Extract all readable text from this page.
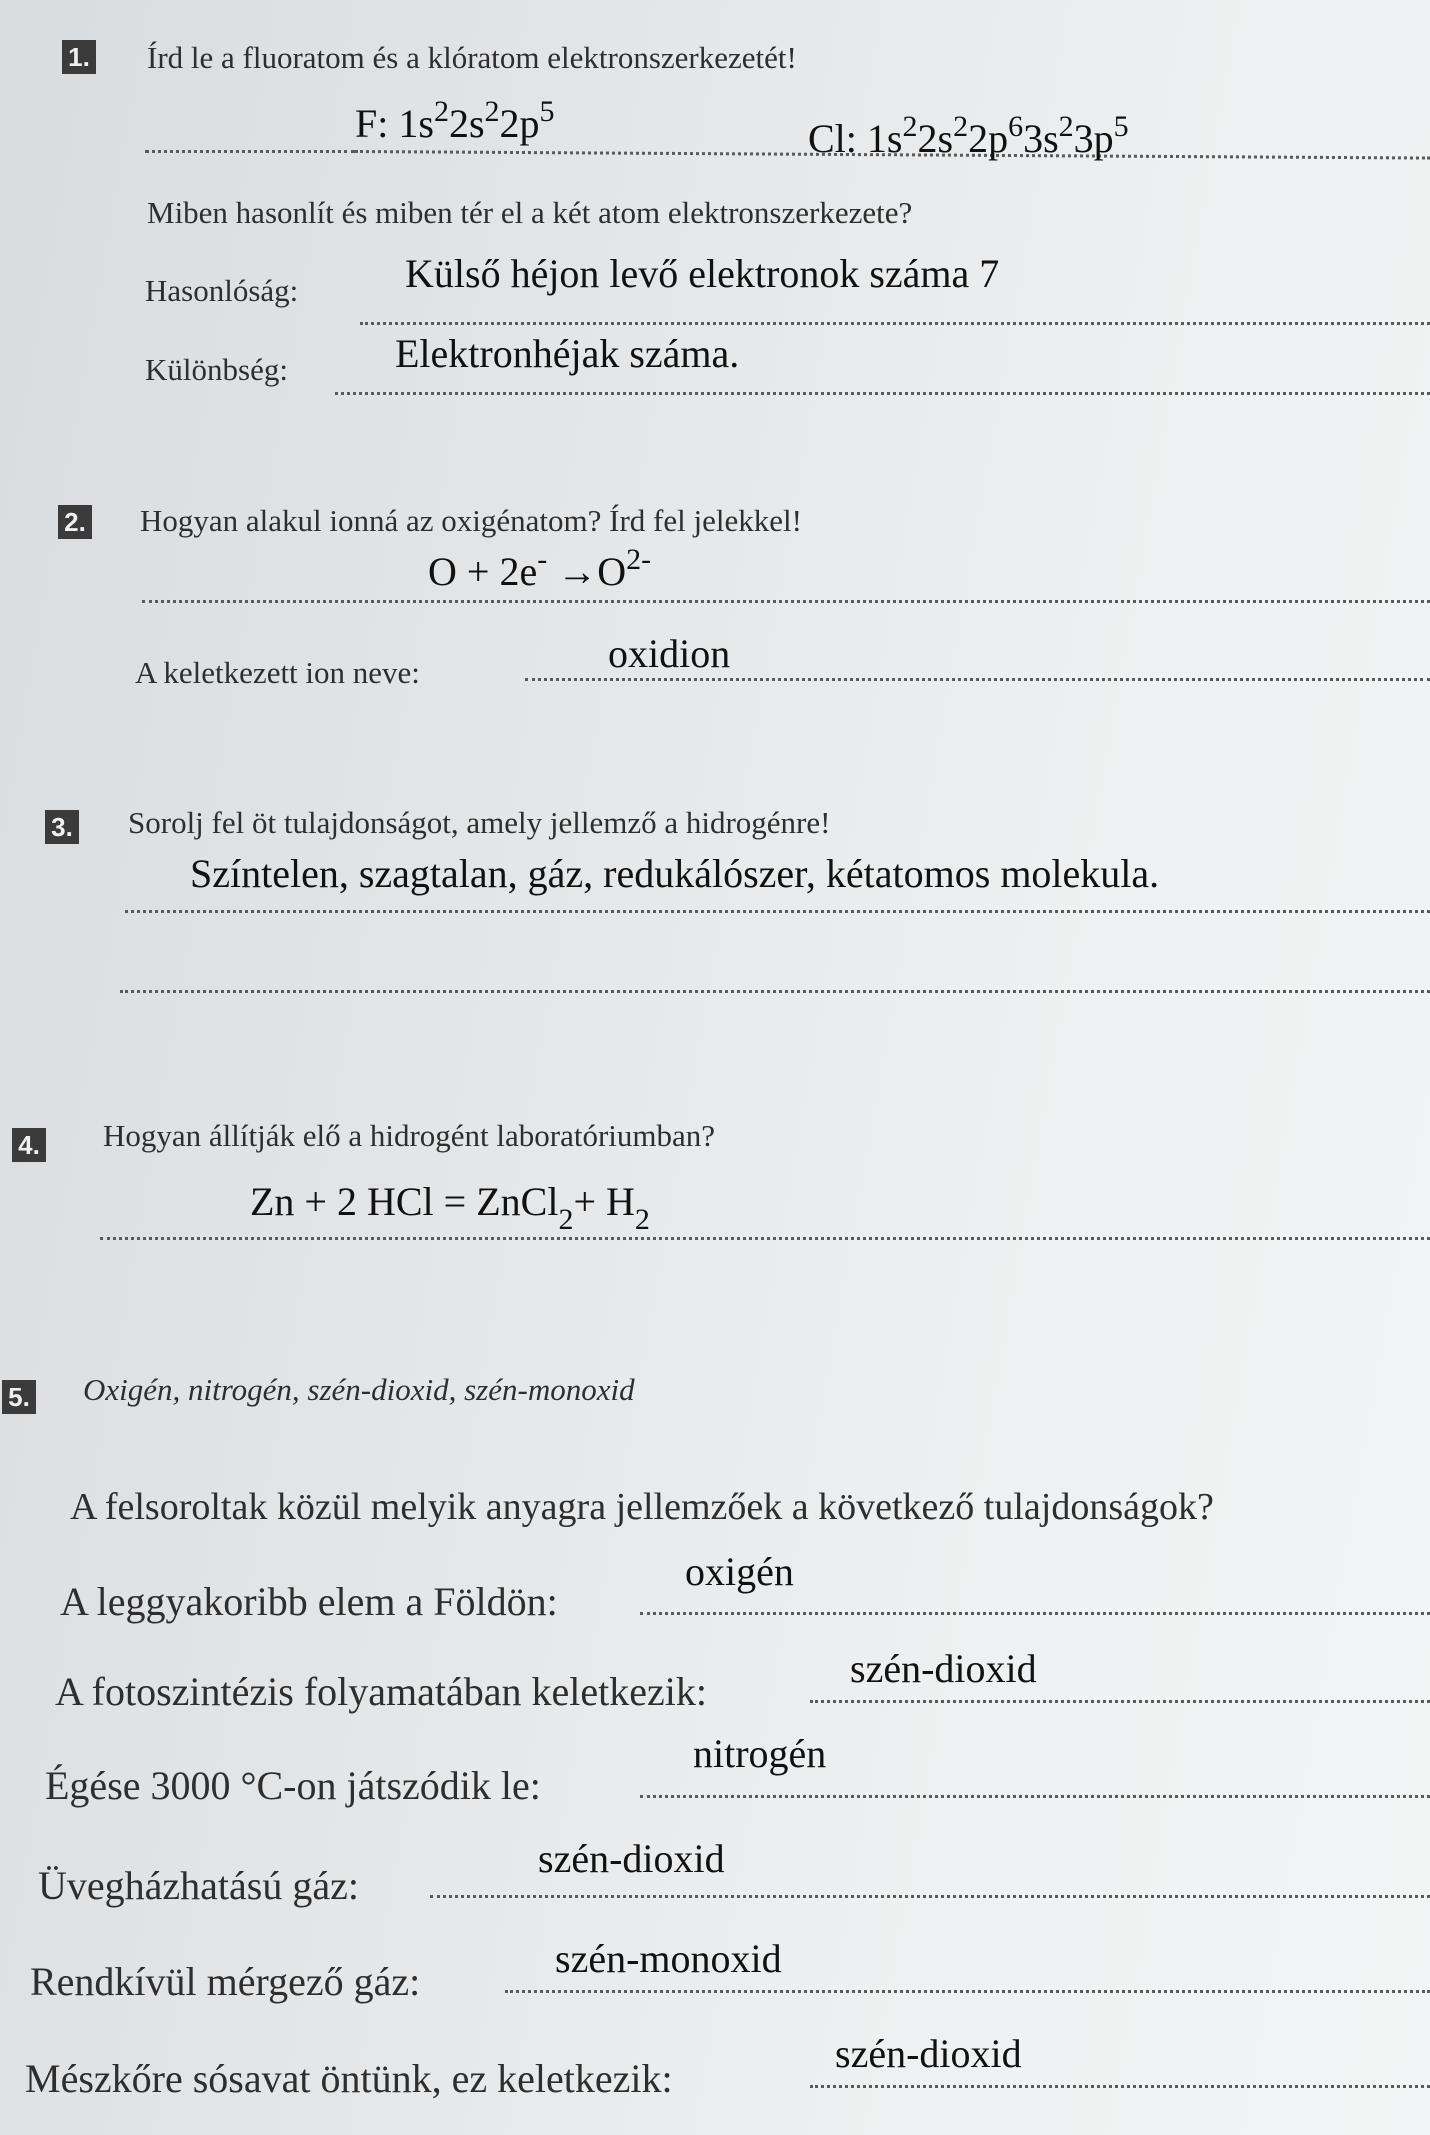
1. Írd le a fluoratom és a klóratom elektronszerkezetét!
F: $1s^22s^22p^5$
Cl: $1s^22s^22p^63s^23p^5$
Miben hasonlít és miben tér el a két atom elektronszerkezete?
Hasonlóság:	Külső héjon levő elektronok száma 7
Különbség:	Elektronhéjak száma.
2. Hogyan alakul ionná az oxigénatom? Írd fel jelekkel!
$O + 2e^- \to O^{2-}$
A keletkezett ion neve:	oxidion
3. Sorolj fel öt tulajdonságot, amely jellemző a hidrogénre!
Színtelen, szagtalan, gáz, redukálószer, kétatomos molekula.
4. Hogyan állítják elő a hidrogént laboratóriumban?
Zn + 2 HCl = ZnCl$_2$+ $H_2$
5. Oxigén, nitrogén, szén-dioxid, szén-monoxid
A felsoroltak közül melyik anyagra jellemzőek a következő tulajdonságok?
A leggyakoribb elem a Földön:
oxigén
A fotoszintézis folyamatában keletkezik:
szén-dioxid
Égése 3000 °C-on játszódik le:
nitrogén
Üvegházhatású gáz:
szén-dioxid
Rendkívül mérgező gáz:
szén-monoxid
Mészkőre sósavat öntünk, ez keletkezik:
szén-dioxid
